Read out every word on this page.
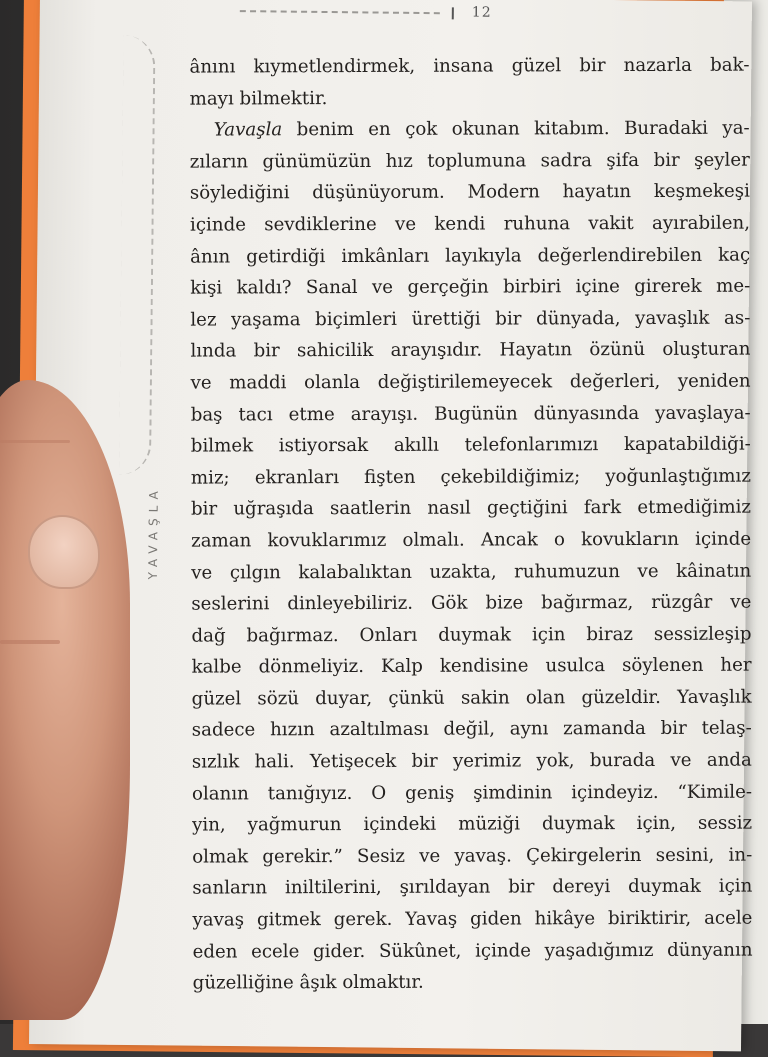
12
YAVAŞLA
ânını kıymetlendirmek, insana güzel bir nazarla bak-
mayı bilmektir.
Yavaşla benim en çok okunan kitabım. Buradaki ya-
zıların günümüzün hız toplumuna sadra şifa bir şeyler
söylediğini düşünüyorum. Modern hayatın keşmekeşi
içinde sevdiklerine ve kendi ruhuna vakit ayırabilen,
ânın getirdiği imkânları layıkıyla değerlendirebilen kaç
kişi kaldı? Sanal ve gerçeğin birbiri içine girerek me-
lez yaşama biçimleri ürettiği bir dünyada, yavaşlık as-
lında bir sahicilik arayışıdır. Hayatın özünü oluşturan
ve maddi olanla değiştirilemeyecek değerleri, yeniden
baş tacı etme arayışı. Bugünün dünyasında yavaşlaya-
bilmek istiyorsak akıllı telefonlarımızı kapatabildiği-
miz; ekranları fişten çekebildiğimiz; yoğunlaştığımız
bir uğraşıda saatlerin nasıl geçtiğini fark etmediğimiz
zaman kovuklarımız olmalı. Ancak o kovukların içinde
ve çılgın kalabalıktan uzakta, ruhumuzun ve kâinatın
seslerini dinleyebiliriz. Gök bize bağırmaz, rüzgâr ve
dağ bağırmaz. Onları duymak için biraz sessizleşip
kalbe dönmeliyiz. Kalp kendisine usulca söylenen her
güzel sözü duyar, çünkü sakin olan güzeldir. Yavaşlık
sadece hızın azaltılması değil, aynı zamanda bir telaş-
sızlık hali. Yetişecek bir yerimiz yok, burada ve anda
olanın tanığıyız. O geniş şimdinin içindeyiz. “Kimile-
yin, yağmurun içindeki müziği duymak için, sessiz
olmak gerekir.” Sesiz ve yavaş. Çekirgelerin sesini, in-
sanların iniltilerini, şırıldayan bir dereyi duymak için
yavaş gitmek gerek. Yavaş giden hikâye biriktirir, acele
eden ecele gider. Sükûnet, içinde yaşadığımız dünyanın
güzelliğine âşık olmaktır.
